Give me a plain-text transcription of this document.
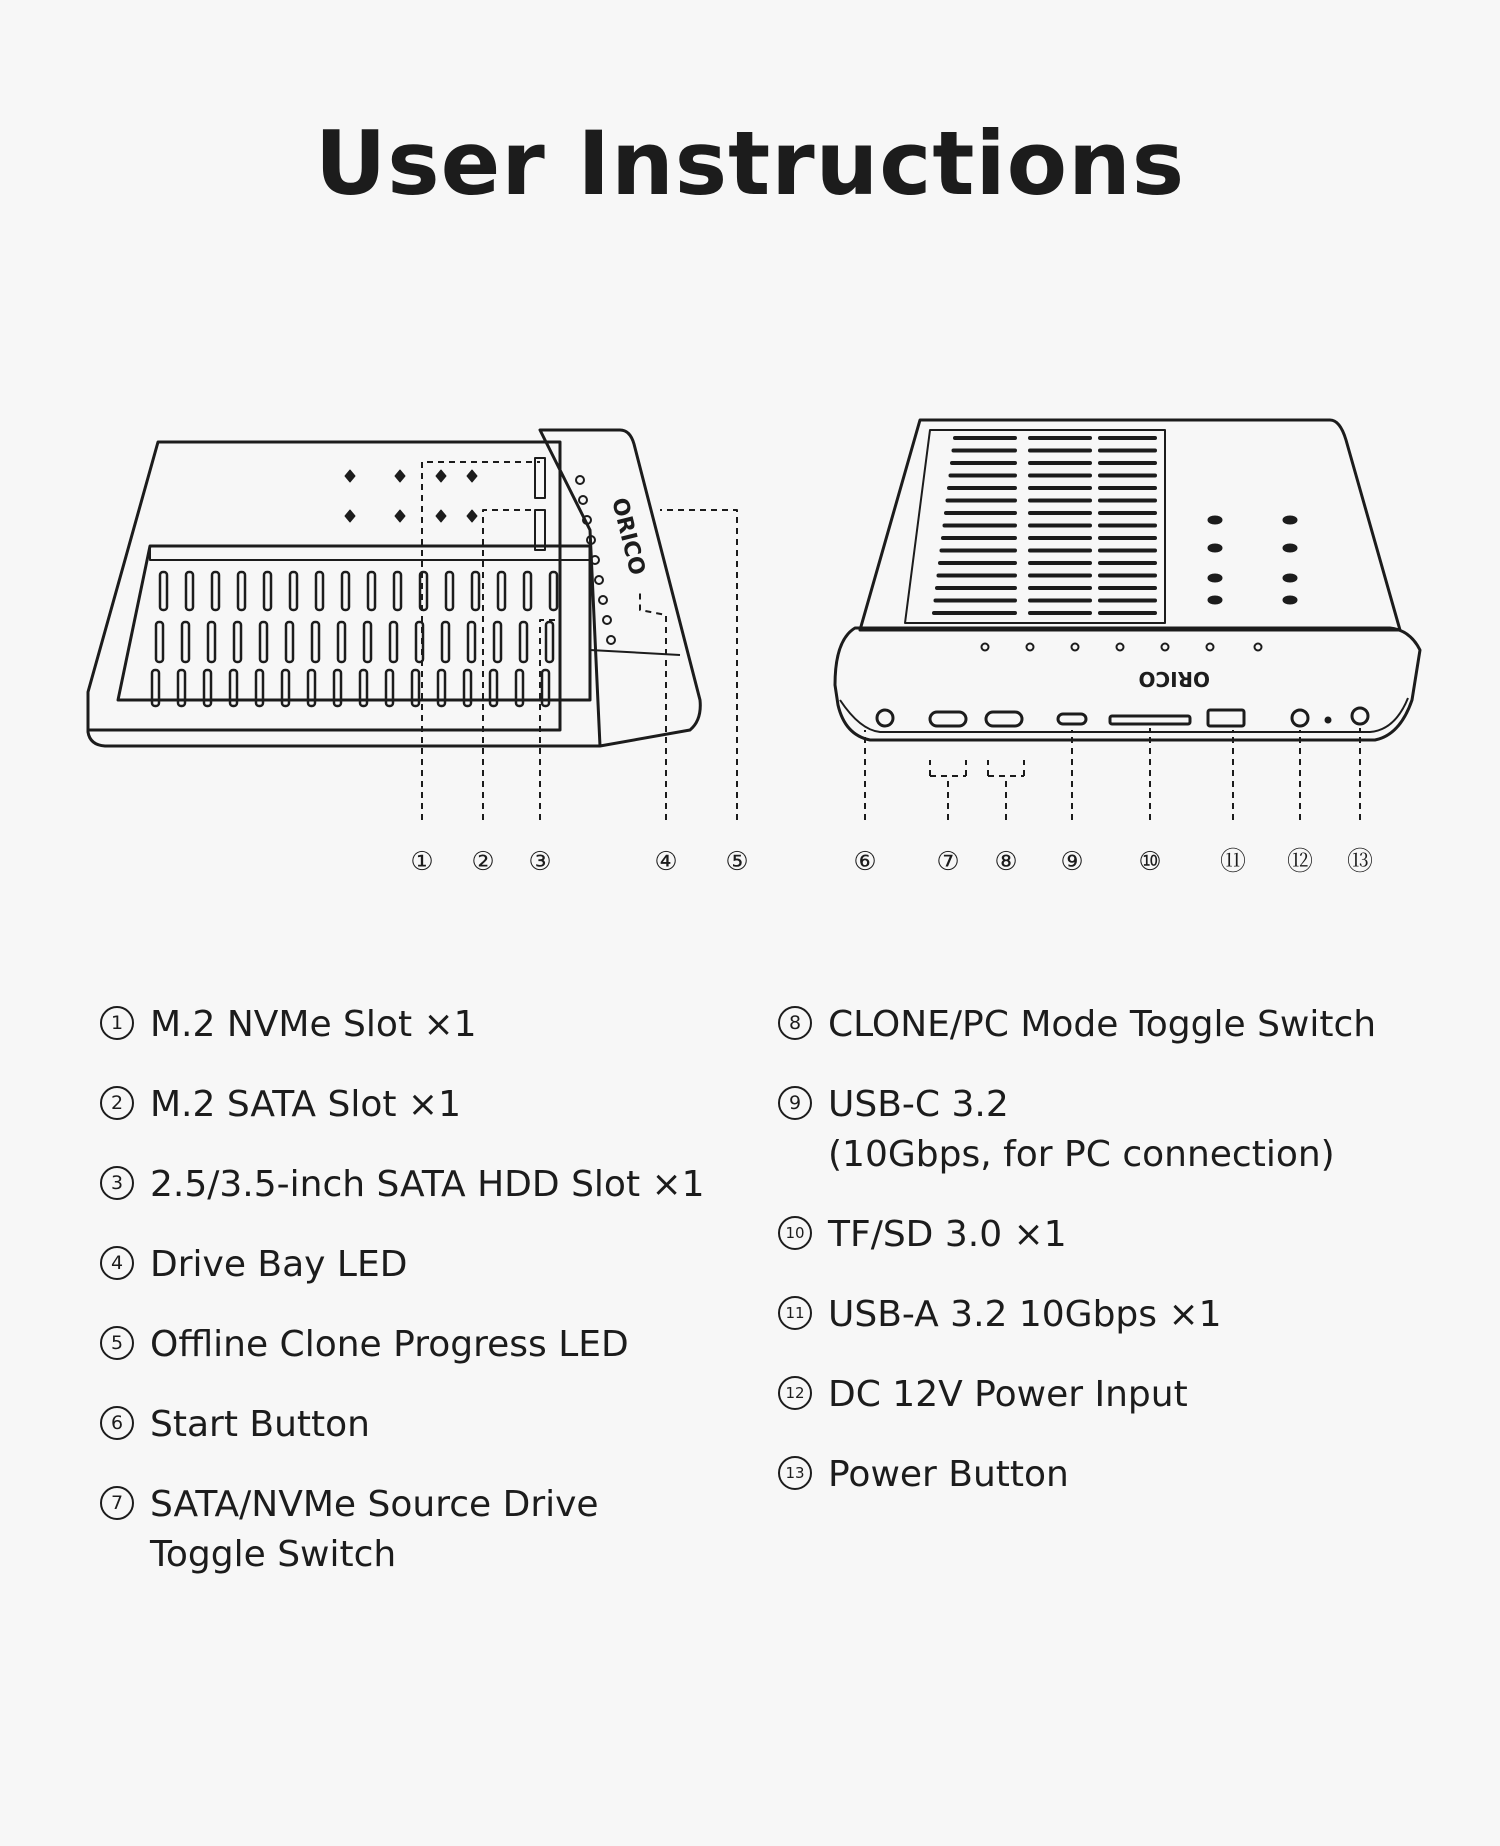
User Instructions
ORICO
ORICO
① ② ③	④ ⑤	⑥ ⑦ ⑧ ⑨ ⑩ ⑪ ⑫ ⑬
1 M.2 NVMe Slot ×1
2 M.2 SATA Slot ×1
3 2.5/3.5-inch SATA HDD Slot ×1
4 Drive Bay LED
5 Offline Clone Progress LED
6 Start Button
7 SATA/NVMe Source Drive
Toggle Switch
8 CLONE/PC Mode Toggle Switch
9 USB-C 3.2
(10Gbps, for PC connection)
10 TF/SD 3.0 ×1
11 USB-A 3.2 10Gbps ×1
12 DC 12V Power Input
13 Power Button
